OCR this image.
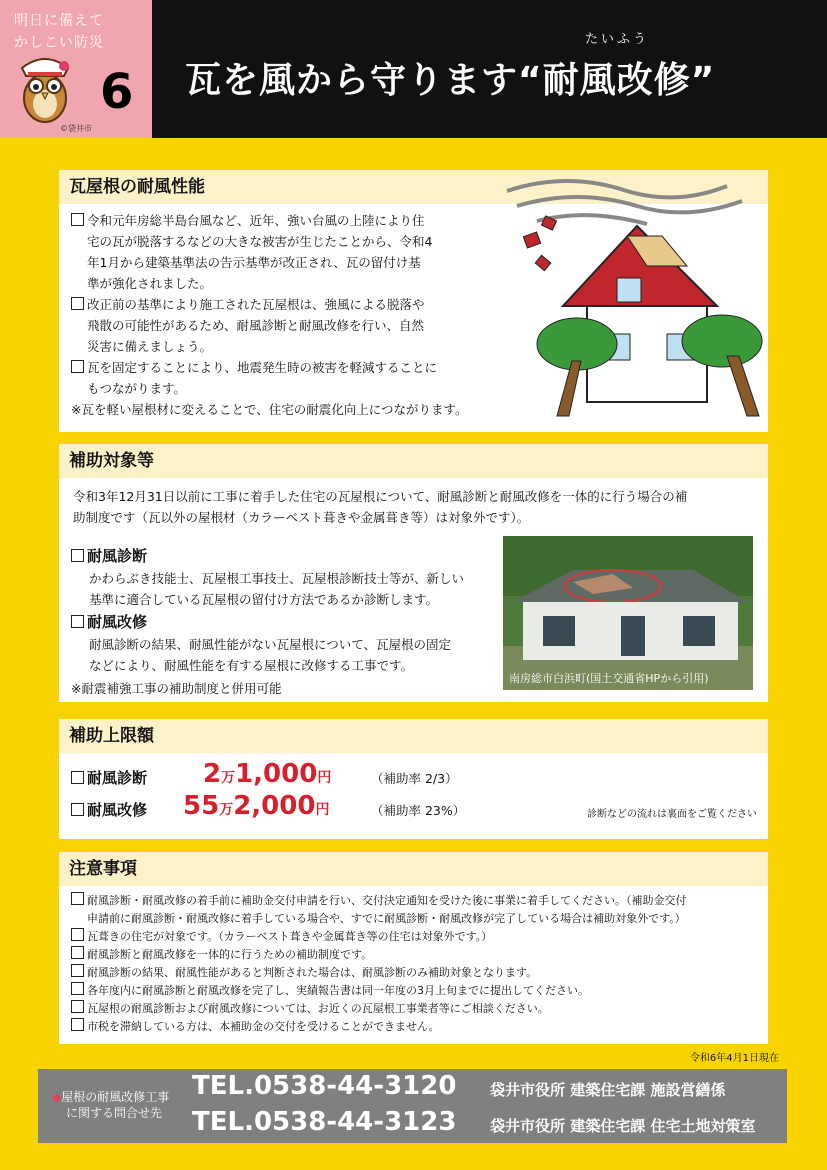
明日に備えて
かしこい防災
6
©袋井市
たいふう
瓦を風から守ります“耐風改修”
瓦屋根の耐風性能

令和元年房総半島台風など、近年、強い台風の上陸により住

宅の瓦が脱落するなどの大きな被害が生じたことから、令和4

年1月から建築基準法の告示基準が改正され、瓦の留付け基

準が強化されました。

改正前の基準により施工された瓦屋根は、強風による脱落や

飛散の可能性があるため、耐風診断と耐風改修を行い、自然

災害に備えましょう。

瓦を固定することにより、地震発生時の被害を軽減することに

もつながります。

※瓦を軽い屋根材に変えることで、住宅の耐震化向上につながります。

補助対象等

令和3年12月31日以前に工事に着手した住宅の瓦屋根について、耐風診断と耐風改修を一体的に行う場合の補

助制度です（瓦以外の屋根材（カラーベスト葺きや金属葺き等）は対象外です）。

耐風診断

かわらぶき技能士、瓦屋根工事技士、瓦屋根診断技士等が、新しい

基準に適合している瓦屋根の留付け方法であるか診断します。

耐風改修

耐風診断の結果、耐風性能がない瓦屋根について、瓦屋根の固定

などにより、耐風性能を有する屋根に改修する工事です。

※耐震補強工事の補助制度と併用可能

南房総市白浜町(国土交通省HPから引用)
補助上限額
耐風診断 2万1,000円	（補助率 2/3）
耐風改修 55万2,000円	（補助率 23%）	診断などの流れは裏面をご覧ください
注意事項

耐風診断・耐風改修の着手前に補助金交付申請を行い、交付決定通知を受けた後に事業に着手してください。（補助金交付

申請前に耐風診断・耐風改修に着手している場合や、すでに耐風診断・耐風改修が完了している場合は補助対象外です。）

瓦葺きの住宅が対象です。（カラーベスト葺きや金属葺き等の住宅は対象外です。）

耐風診断と耐風改修を一体的に行うための補助制度です。

耐風診断の結果、耐風性能があると判断された場合は、耐風診断のみ補助対象となります。

各年度内に耐風診断と耐風改修を完了し、実績報告書は同一年度の3月上旬までに提出してください。

瓦屋根の耐風診断および耐風改修については、お近くの瓦屋根工事業者等にご相談ください。

市税を滞納している方は、本補助金の交付を受けることができません。

令和6年4月1日現在
◆屋根の耐風改修工事
に関する問合せ先
TEL.0538-44-3120 袋井市役所 建築住宅課 施設営繕係
TEL.0538-44-3123 袋井市役所 建築住宅課 住宅土地対策室
